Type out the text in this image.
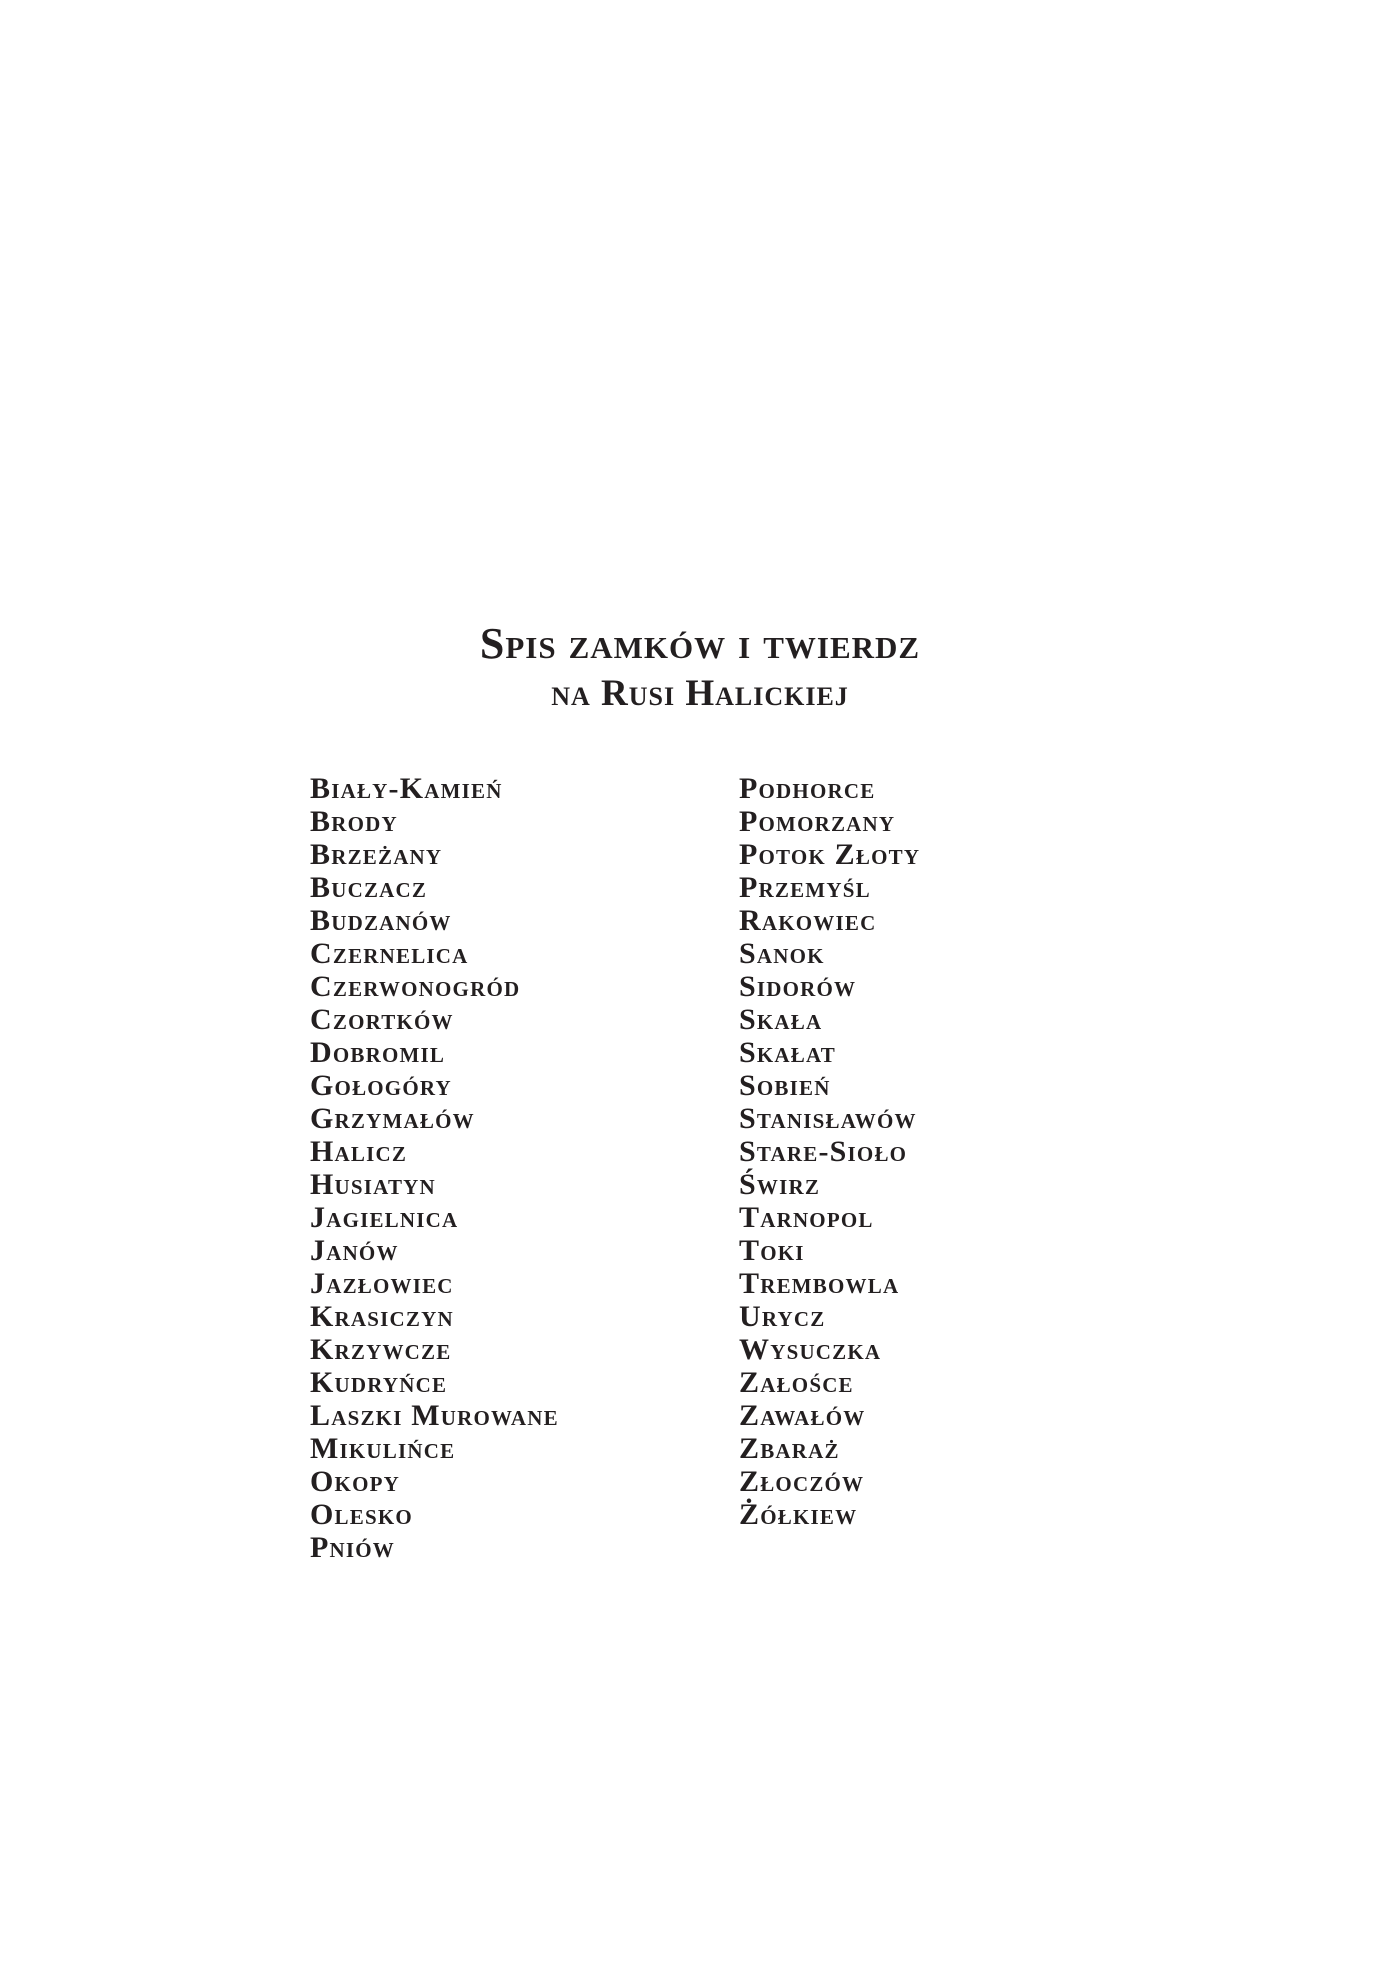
Spis zamków i twierdz
na Rusi Halickiej
Biały-Kamień
Brody
Brzeżany
Buczacz
Budzanów
Czernelica
Czerwonogród
Czortków
Dobromil
Gołogóry
Grzymałów
Halicz
Husiatyn
Jagielnica
Janów
Jazłowiec
Krasiczyn
Krzywcze
Kudryńce
Laszki Murowane
Mikulińce
Okopy
Olesko
Pniów
Podhorce
Pomorzany
Potok Złoty
Przemyśl
Rakowiec
Sanok
Sidorów
Skała
Skałat
Sobień
Stanisławów
Stare-Sioło
Świrz
Tarnopol
Toki
Trembowla
Urycz
Wysuczka
Załośce
Zawałów
Zbaraż
Złoczów
Żółkiew
